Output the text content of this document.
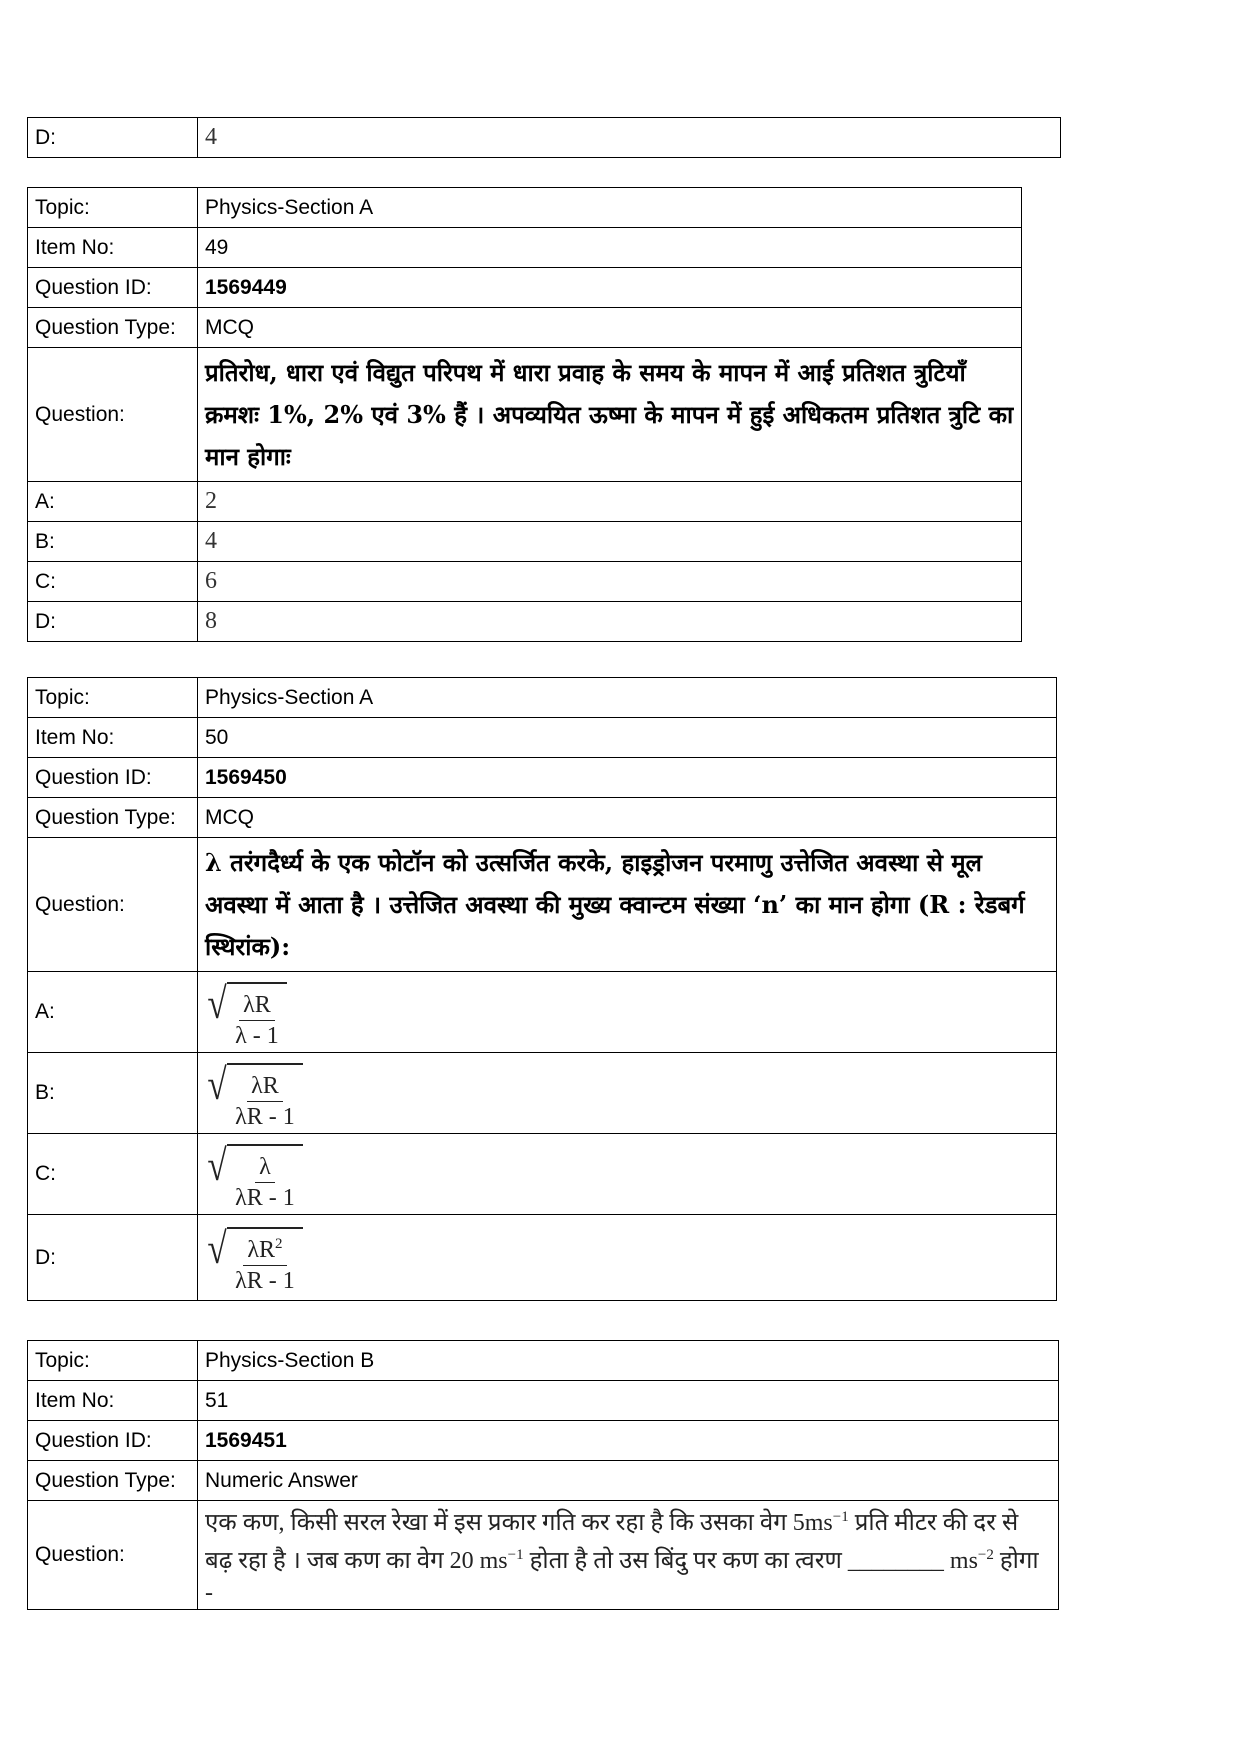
D:	4
Topic:	Physics-Section A
Item No:	49
Question ID:	1569449
Question Type:	MCQ
Question:	प्रतिरोध, धारा एवं विद्युत परिपथ में धारा प्रवाह के समय के मापन में आई प्रतिशत त्रुटियाँ क्रमशः 1%, 2% एवं 3% हैं । अपव्ययित ऊष्मा के मापन में हुई अधिकतम प्रतिशत त्रुटि का मान होगाः
A:	2
B:	4
C:	6
D:	8
Topic:	Physics-Section A
Item No:	50
Question ID:	1569450
Question Type:	MCQ
Question:	λ तरंगदैर्ध्य के एक फोटॉन को उत्सर्जित करके, हाइड्रोजन परमाणु उत्तेजित अवस्था से मूल अवस्था में आता है । उत्तेजित अवस्था की मुख्य क्वान्टम संख्या ‘n’ का मान होगा (R : रेडबर्ग स्थिरांक):
A:	√ $\frac{\lambda R}{\lambda - 1}$

B:	√ $\frac{\lambda R}{\lambda R - 1}$

C:	√ $\frac{\lambda}{\lambda R - 1}$

D:	√ $\frac{\lambda R^2}{\lambda R - 1}$
Topic:	Physics-Section B
Item No:	51
Question ID:	1569451
Question Type:	Numeric Answer
Question:	एक कण, किसी सरल रेखा में इस प्रकार गति कर रहा है कि उसका वेग $5ms^{-1}$ प्रति मीटर की दर से बढ़ रहा है । जब कण का वेग 20 $ms^{-1}$ होता है तो उस बिंदु पर कण का त्वरण ________ $ms^{-2}$ होगा -
